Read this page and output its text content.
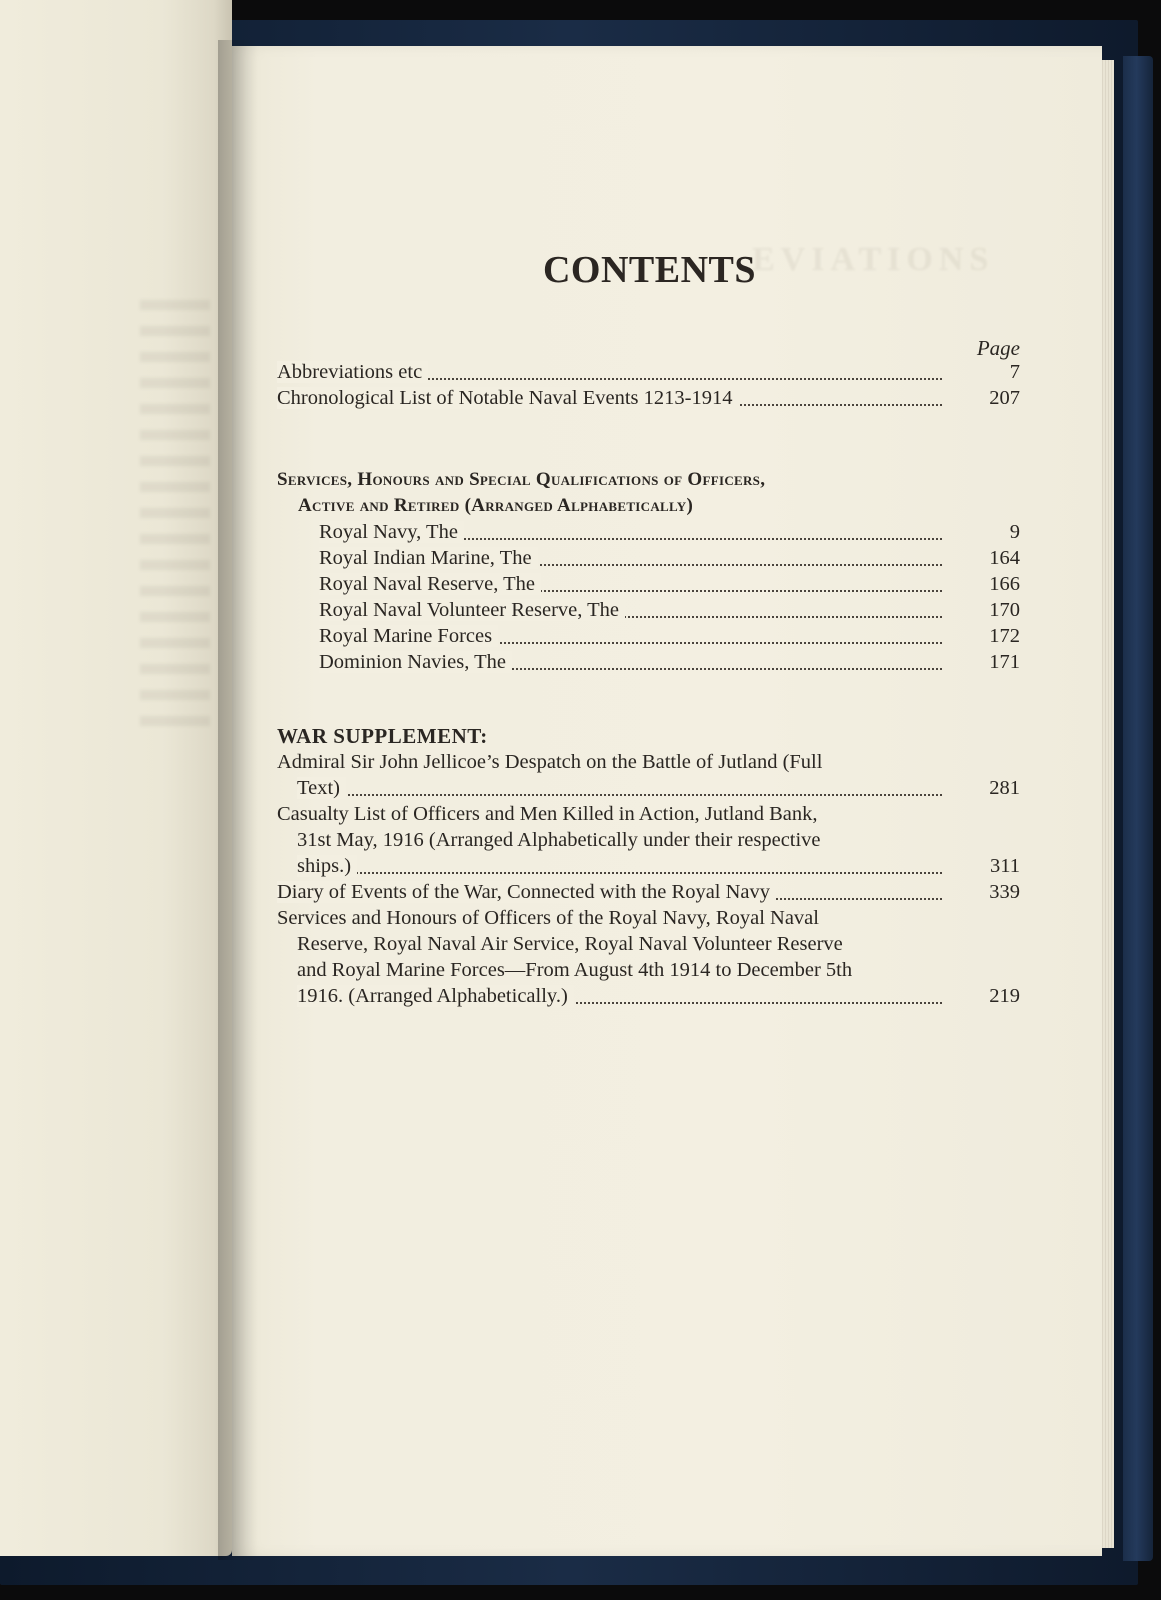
EVIATIONS
CONTENTS
Page
Abbreviations etc	7
Chronological List of Notable Naval Events 1213-1914	207
Services, Honours and Special Qualifications of Officers,
Active and Retired (Arranged Alphabetically)
Royal Navy, The	9
Royal Indian Marine, The	164
Royal Naval Reserve, The	166
Royal Naval Volunteer Reserve, The	170
Royal Marine Forces	172
Dominion Navies, The	171
WAR SUPPLEMENT:
Admiral Sir John Jellicoe’s Despatch on the Battle of Jutland (Full
Text)	281
Casualty List of Officers and Men Killed in Action, Jutland Bank,
31st May, 1916 (Arranged Alphabetically under their respective
ships.)	311
Diary of Events of the War, Connected with the Royal Navy	339
Services and Honours of Officers of the Royal Navy, Royal Naval
Reserve, Royal Naval Air Service, Royal Naval Volunteer Reserve
and Royal Marine Forces—From August 4th 1914 to December 5th
1916. (Arranged Alphabetically.)	219
